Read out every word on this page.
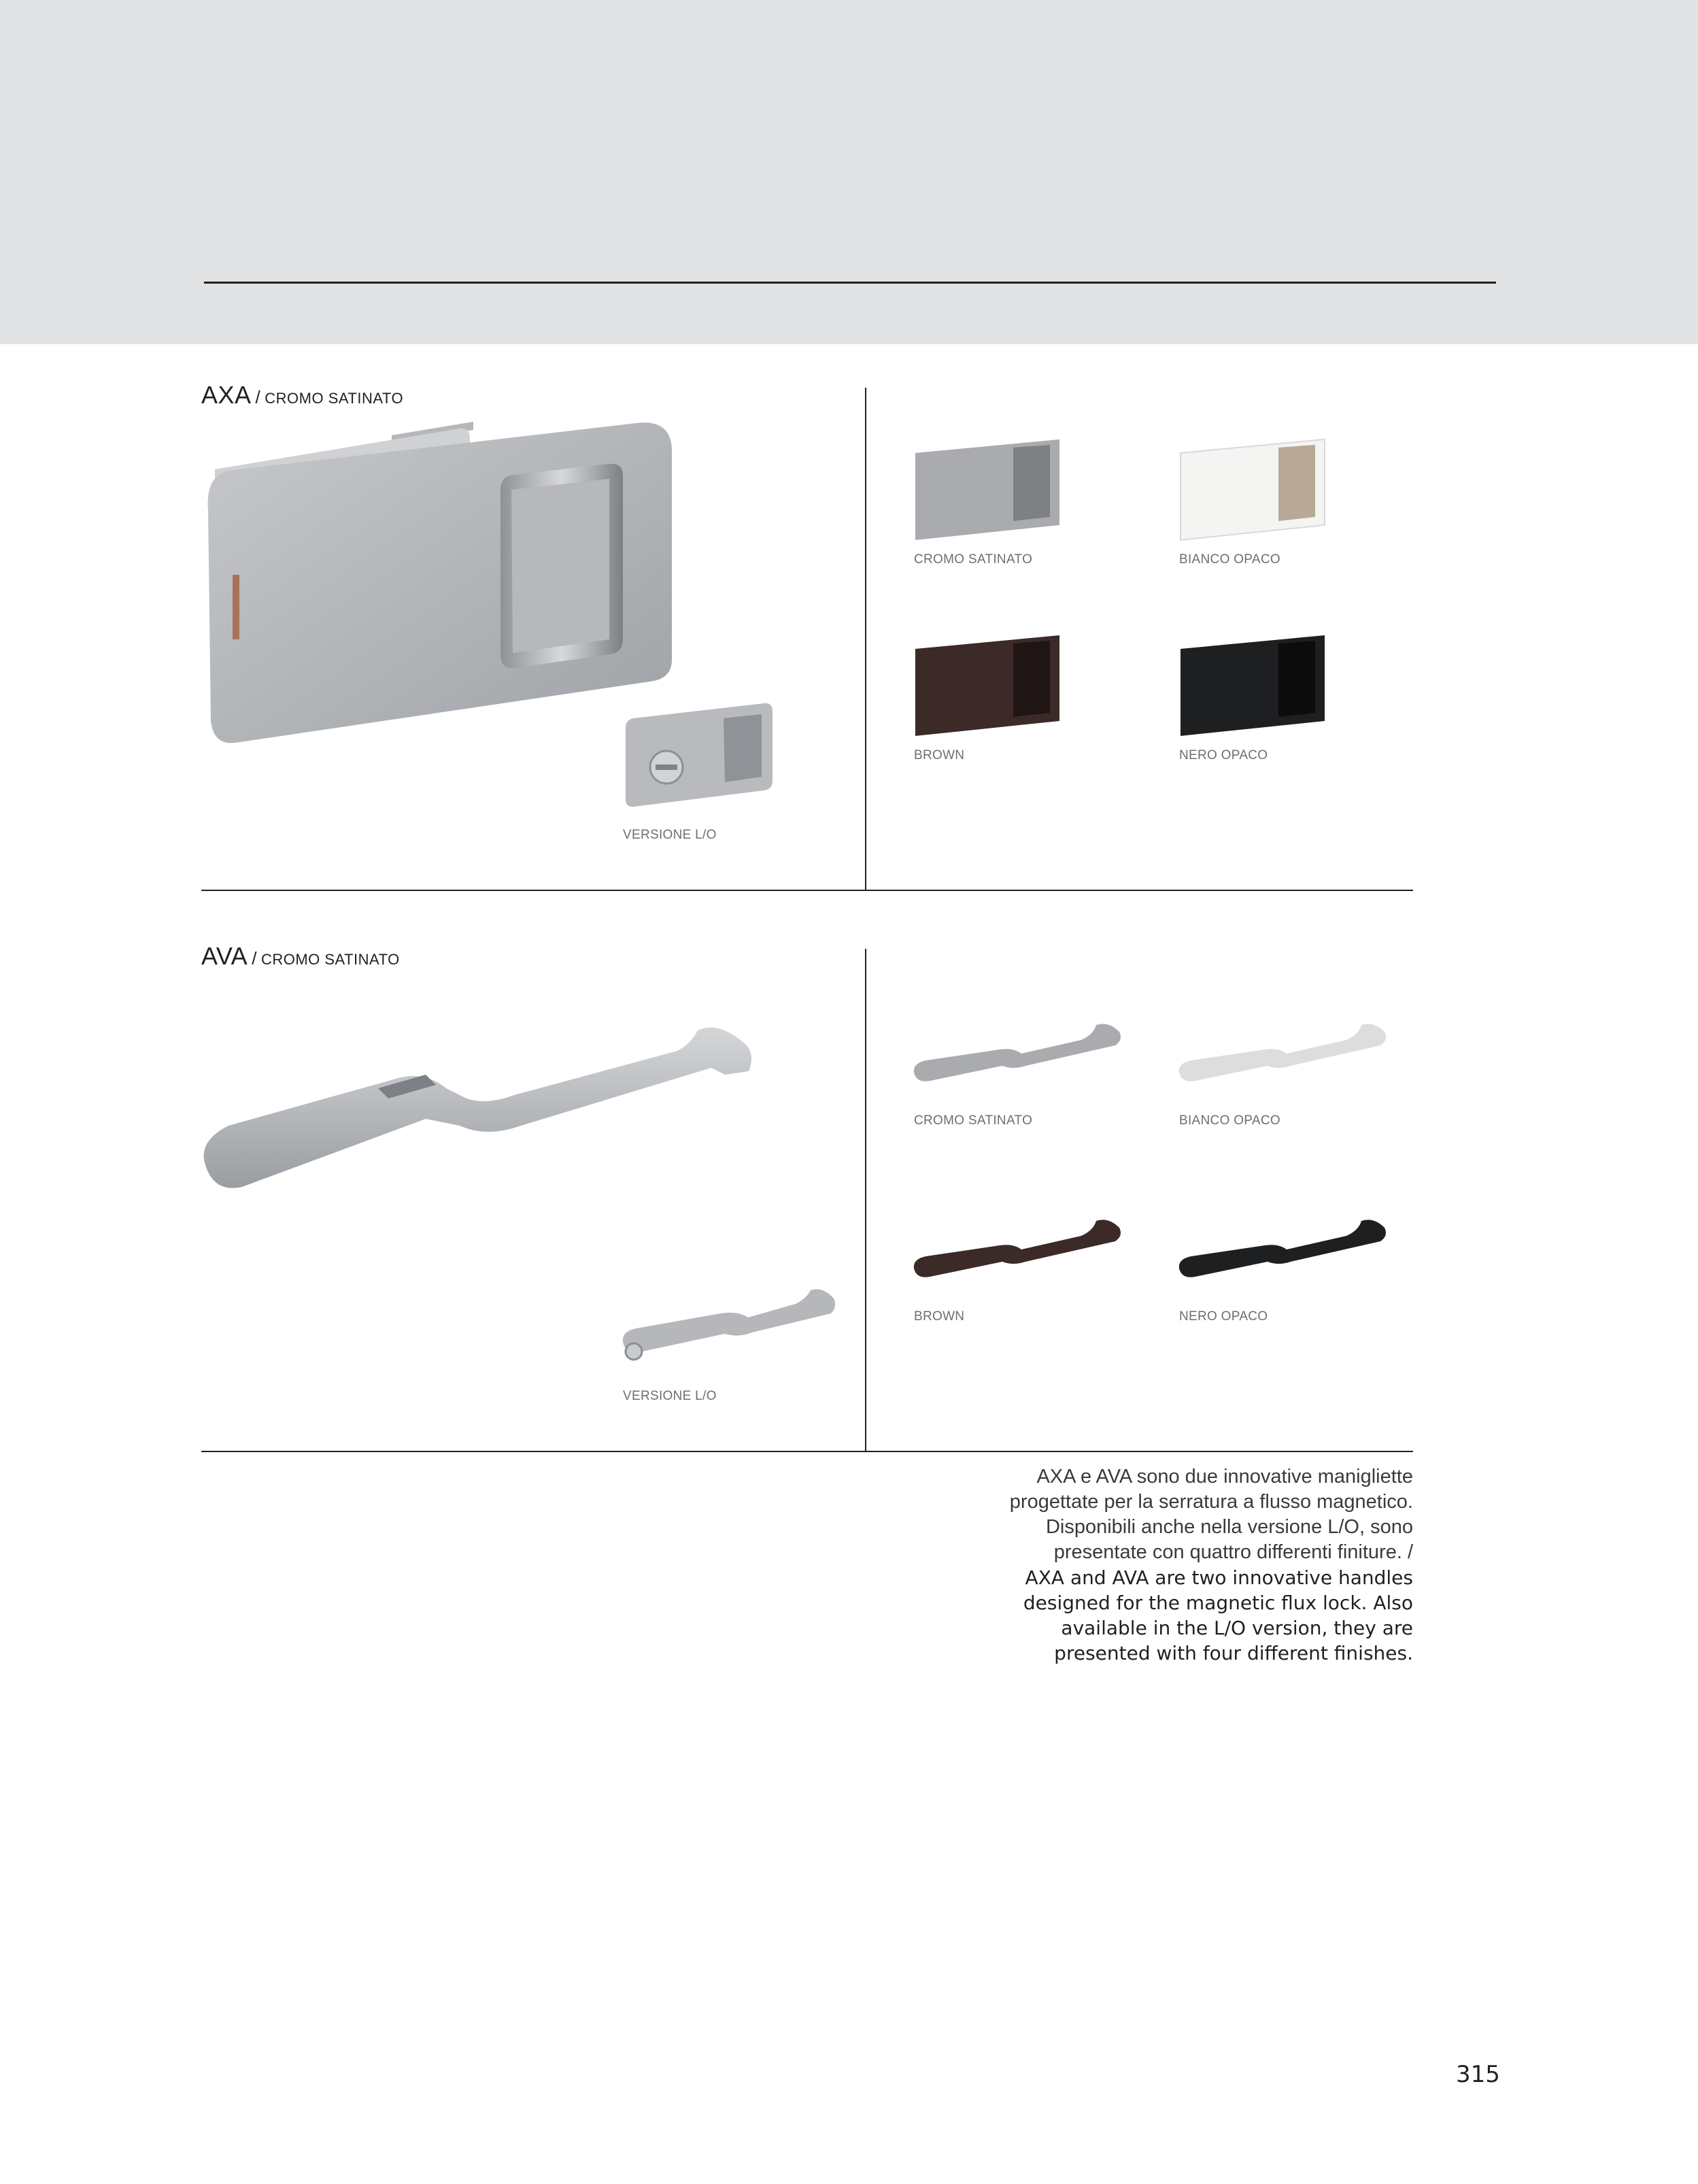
AXA / CROMO SATINATO
VERSIONE L/O
CROMO SATINATO	BIANCO OPACO
BROWN	NERO OPACO
AVA / CROMO SATINATO
VERSIONE L/O
CROMO SATINATO	BIANCO OPACO
BROWN	NERO OPACO
AXA e AVA sono due innovative manigliette progettate per la serratura a flusso magnetico. Disponibili anche nella versione L/O, sono presentate con quattro differenti finiture. /
AXA and AVA are two innovative handles designed for the magnetic flux lock. Also available in the L/O version, they are presented with four different finishes.
315
